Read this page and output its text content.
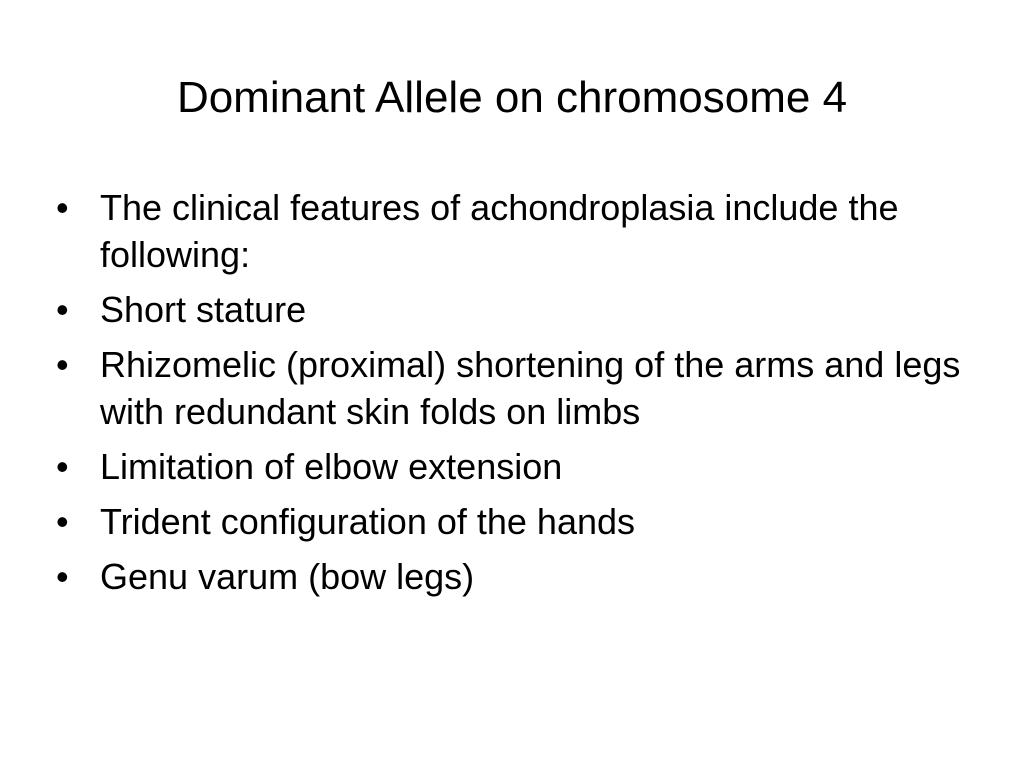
Dominant Allele on chromosome 4
• The clinical features of achondroplasia include the following:
• Short stature
• Rhizomelic (proximal) shortening of the arms and legs with redundant skin folds on limbs
• Limitation of elbow extension
• Trident configuration of the hands
• Genu varum (bow legs)
